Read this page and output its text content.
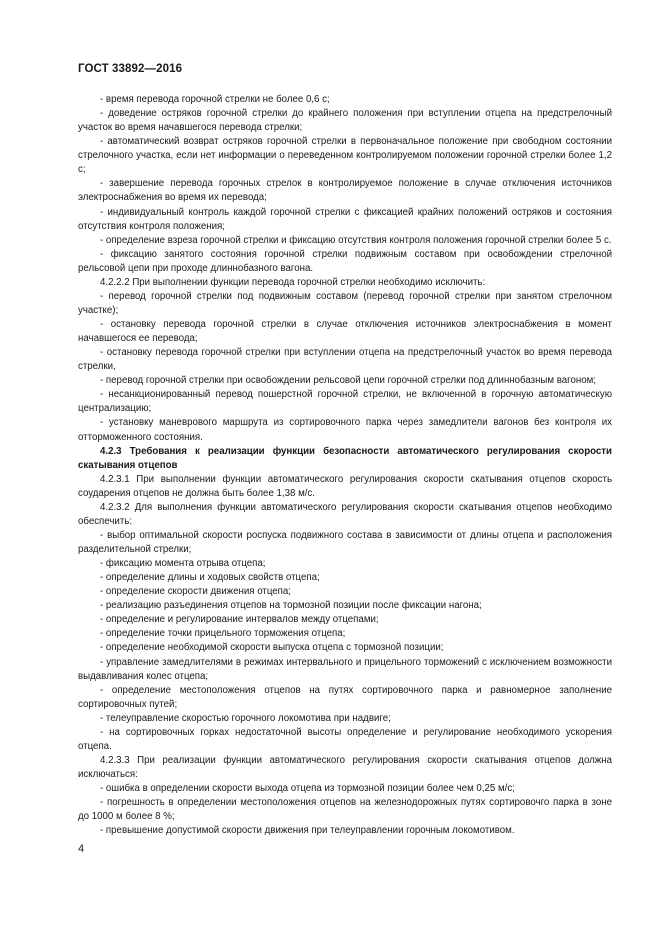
ГОСТ 33892—2016

- время перевода горочной стрелки не более 0,6 с;

- доведение остряков горочной стрелки до крайнего положения при вступлении отцепа на предстрелочный участок во время начавшегося перевода стрелки;

- автоматический возврат остряков горочной стрелки в первоначальное положение при свободном состоянии стрелочного участка, если нет информации о переведенном контролируемом положении горочной стрелки более 1,2 с;

- завершение перевода горочных стрелок в контролируемое положение в случае отключения источников электроснабжения во время их перевода;

- индивидуальный контроль каждой горочной стрелки с фиксацией крайних положений остряков и состояния отсутствия контроля положения;

- определение взреза горочной стрелки и фиксацию отсутствия контроля положения горочной стрелки более 5 с.

- фиксацию занятого состояния горочной стрелки подвижным составом при освобождении стрелочной рельсовой цепи при проходе длиннобазного вагона.

4.2.2.2 При выполнении функции перевода горочной стрелки необходимо исключить:

- перевод горочной стрелки под подвижным составом (перевод горочной стрелки при занятом стрелочном участке);

- остановку перевода горочной стрелки в случае отключения источников электроснабжения в момент начавшегося ее перевода;

- остановку перевода горочной стрелки при вступлении отцепа на предстрелочный участок во время перевода стрелки,

- перевод горочной стрелки при освобождении рельсовой цепи горочной стрелки под длиннобазным вагоном;

- несанкционированный перевод пошерстной горочной стрелки, не включенной в горочную автоматическую централизацию;

- установку маневрового маршрута из сортировочного парка через замедлители вагонов без контроля их отторможенного состояния.

4.2.3 Требования к реализации функции безопасности автоматического регулирования скорости скатывания отцепов

4.2.3.1 При выполнении функции автоматического регулирования скорости скатывания отцепов скорость соударения отцепов не должна быть более 1,38 м/с.

4.2.3.2 Для выполнения функции автоматического регулирования скорости скатывания отцепов необходимо обеспечить:

- выбор оптимальной скорости роспуска подвижного состава в зависимости от длины отцепа и расположения разделительной стрелки;

- фиксацию момента отрыва отцепа;

- определение длины и ходовых свойств отцепа;

- определение скорости движения отцепа;

- реализацию разъединения отцепов на тормозной позиции после фиксации нагона;

- определение и регулирование интервалов между отцепами;

- определение точки прицельного торможения отцепа;

- определение необходимой скорости выпуска отцепа с тормозной позиции;

- управление замедлителями в режимах интервального и прицельного торможений с исключением возможности выдавливания колес отцепа;

- определение местоположения отцепов на путях сортировочного парка и равномерное заполнение сортировочных путей;

- телеуправление скоростью горочного локомотива при надвиге;

- на сортировочных горках недостаточной высоты определение и регулирование необходимого ускорения отцепа.

4.2.3.3 При реализации функции автоматического регулирования скорости скатывания отцепов должна исключаться:

- ошибка в определении скорости выхода отцепа из тормозной позиции более чем 0,25 м/с;

- погрешность в определении местоположения отцепов на железнодорожных путях сортировочго парка в зоне до 1000 м более 8 %;

- превышение допустимой скорости движения при телеуправлении горочным локомотивом.

4
